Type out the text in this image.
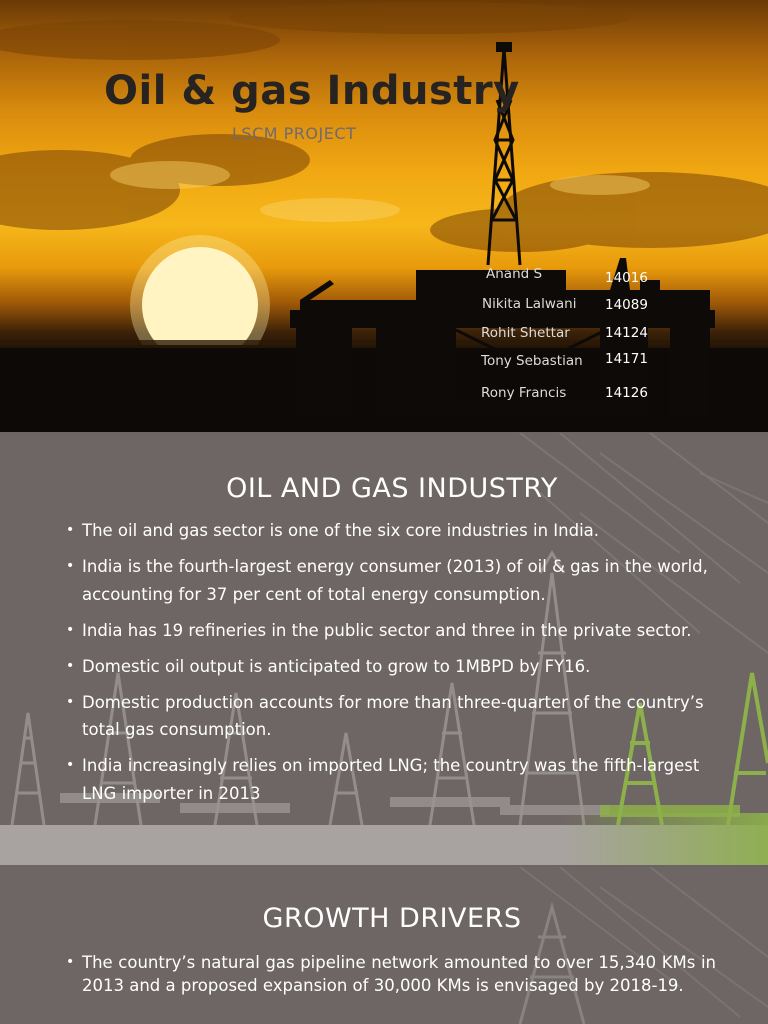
Oil & gas Industry
LSCM PROJECT
Anand S	14016
Nikita Lalwani 14089
Rohit Shettar	14124
Tony Sebastian 14171
Rony Francis	14126
OIL AND GAS INDUSTRY
• The oil and gas sector is one of the six core industries in India.
• India is the fourth-largest energy consumer (2013) of oil & gas in the world, accounting for 37 per cent of total energy consumption.
• India has 19 refineries in the public sector and three in the private sector.
• Domestic oil output is anticipated to grow to 1MBPD by FY16.
• Domestic production accounts for more than three-quarter of the country’s total gas consumption.
• India increasingly relies on imported LNG; the country was the fifth-largest LNG importer in 2013
GROWTH DRIVERS
• The country’s natural gas pipeline network amounted to over 15,340 KMs in 2013 and a proposed expansion of 30,000 KMs is envisaged by 2018-19.
